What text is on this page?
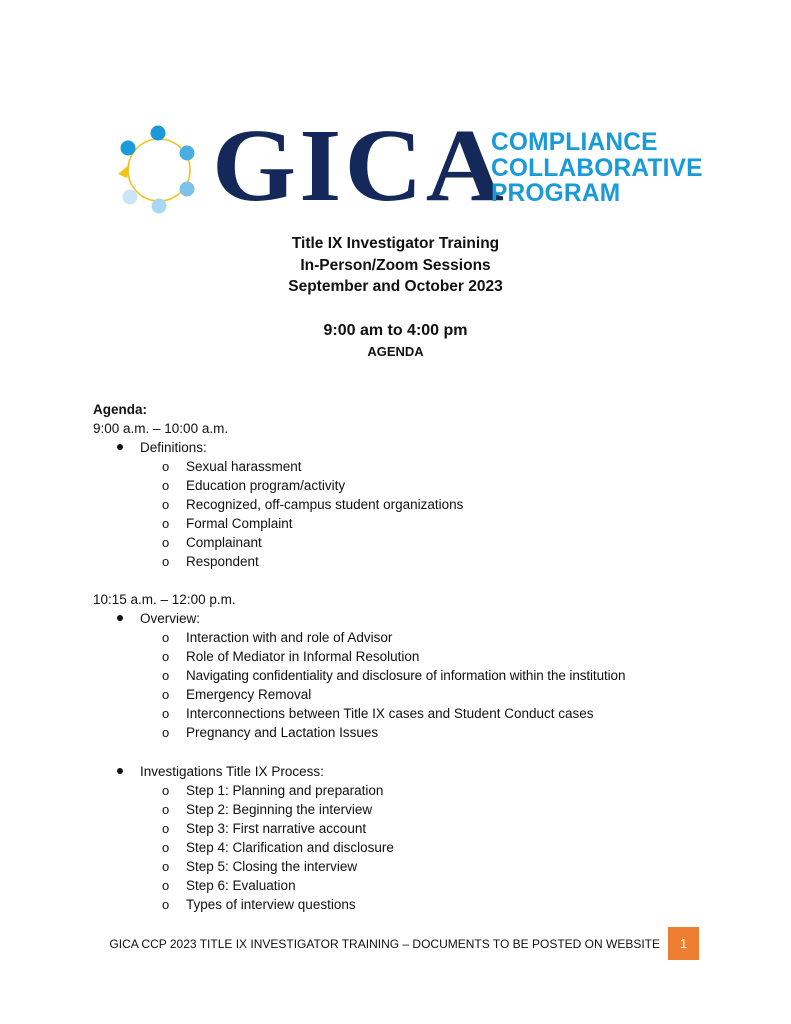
GICA
COMPLIANCE
COLLABORATIVE
PROGRAM
Title IX Investigator Training
In-Person/Zoom Sessions
September and October 2023
9:00 am to 4:00 pm
AGENDA
Agenda:
9:00 a.m. – 10:00 a.m.
Definitions:
o Sexual harassment
o Education program/activity
o Recognized, off-campus student organizations
o Formal Complaint
o Complainant
o Respondent
10:15 a.m. – 12:00 p.m.
Overview:
o Interaction with and role of Advisor
o Role of Mediator in Informal Resolution
o Navigating confidentiality and disclosure of information within the institution
o Emergency Removal
o Interconnections between Title IX cases and Student Conduct cases
o Pregnancy and Lactation Issues
Investigations Title IX Process:
o Step 1: Planning and preparation
o Step 2: Beginning the interview
o Step 3: First narrative account
o Step 4: Clarification and disclosure
o Step 5: Closing the interview
o Step 6: Evaluation
o Types of interview questions
GICA CCP 2023 TITLE IX INVESTIGATOR TRAINING – DOCUMENTS TO BE POSTED ON WEBSITE	1
